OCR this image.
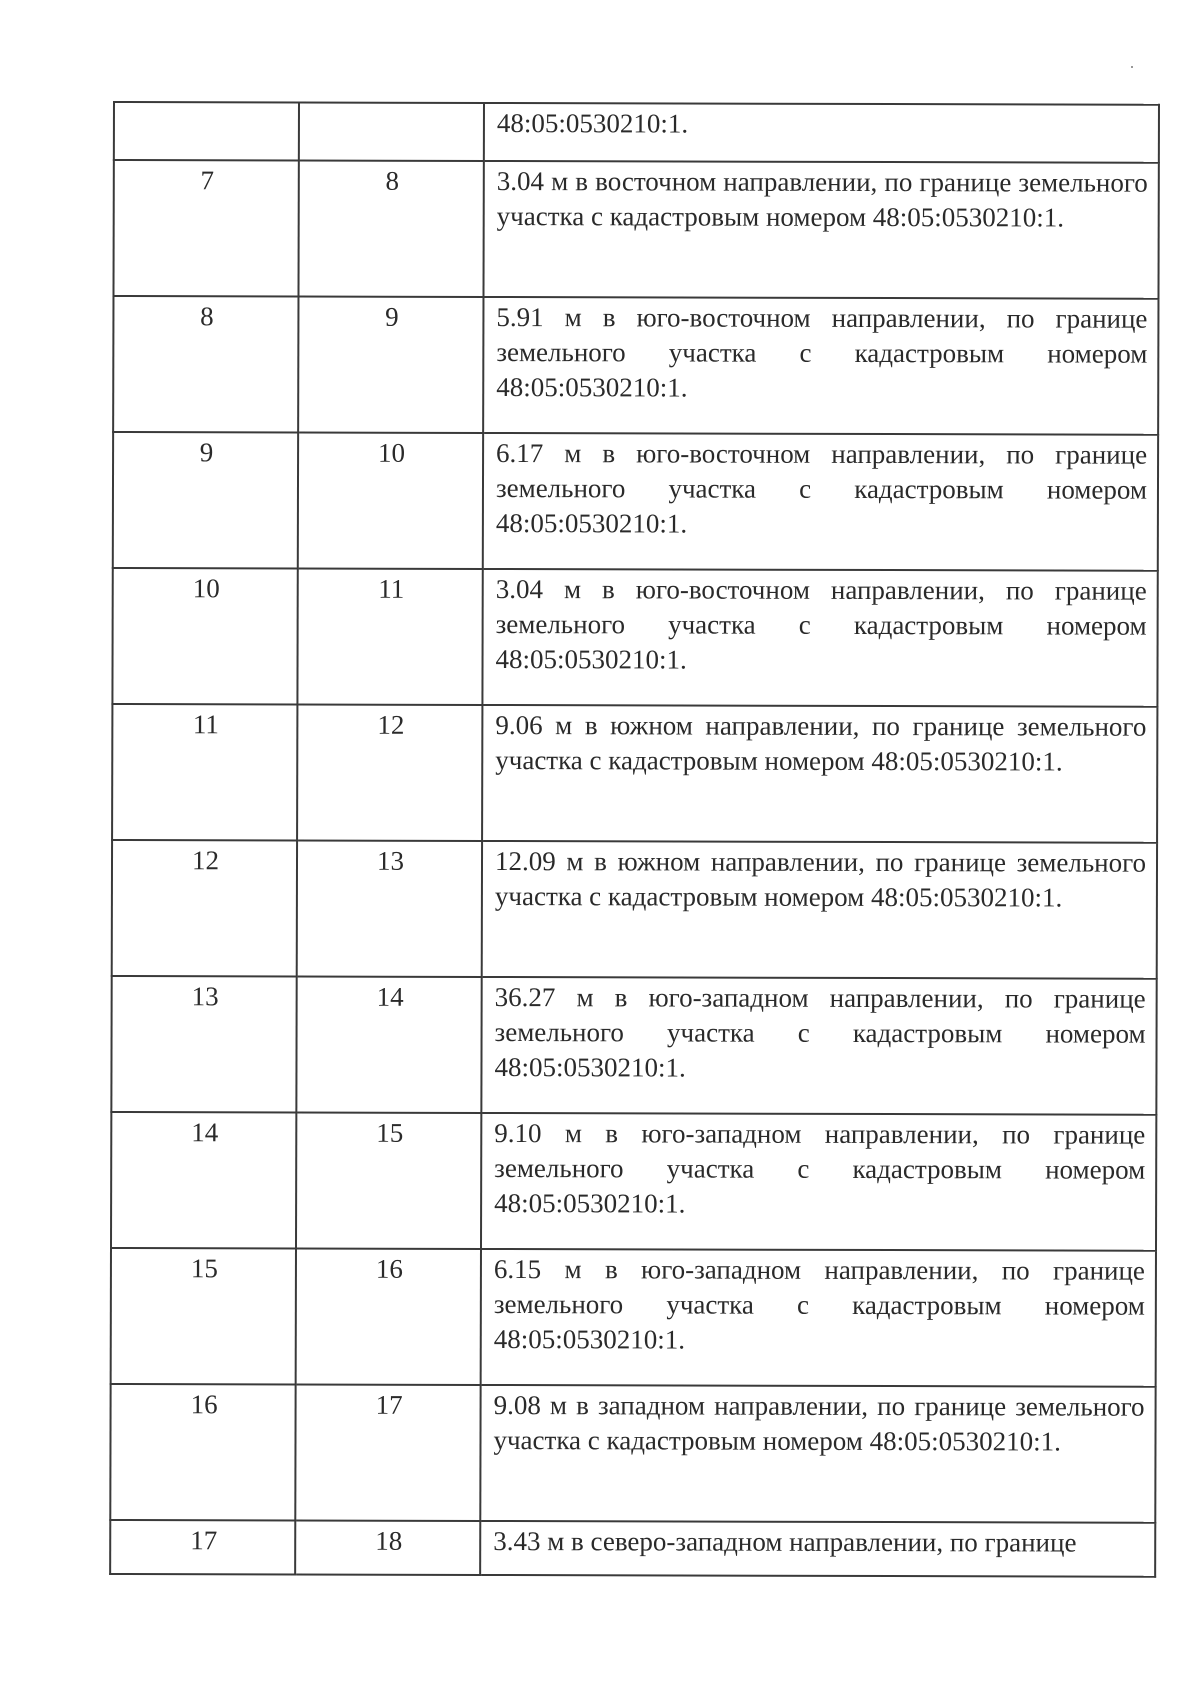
		48:05:0530210:1.
7	8	3.04 м в восточном направлении, по границе земельного участка с кадастровым номером 48:05:0530210:1.
8	9	5.91 м в юго-восточном направлении, по границе земельного участка с кадастровым номером 48:05:0530210:1.
9	10	6.17 м в юго-восточном направлении, по границе земельного участка с кадастровым номером 48:05:0530210:1.
10	11	3.04 м в юго-восточном направлении, по границе земельного участка с кадастровым номером 48:05:0530210:1.
11	12	9.06 м в южном направлении, по границе земельного участка с кадастровым номером 48:05:0530210:1.
12	13	12.09 м в южном направлении, по границе земельного участка с кадастровым номером 48:05:0530210:1.
13	14	36.27 м в юго-западном направлении, по границе земельного участка с кадастровым номером 48:05:0530210:1.
14	15	9.10 м в юго-западном направлении, по границе земельного участка с кадастровым номером 48:05:0530210:1.
15	16	6.15 м в юго-западном направлении, по границе земельного участка с кадастровым номером 48:05:0530210:1.
16	17	9.08 м в западном направлении, по границе земельного участка с кадастровым номером 48:05:0530210:1.
17	18	3.43 м в северо-западном направлении, по границе
